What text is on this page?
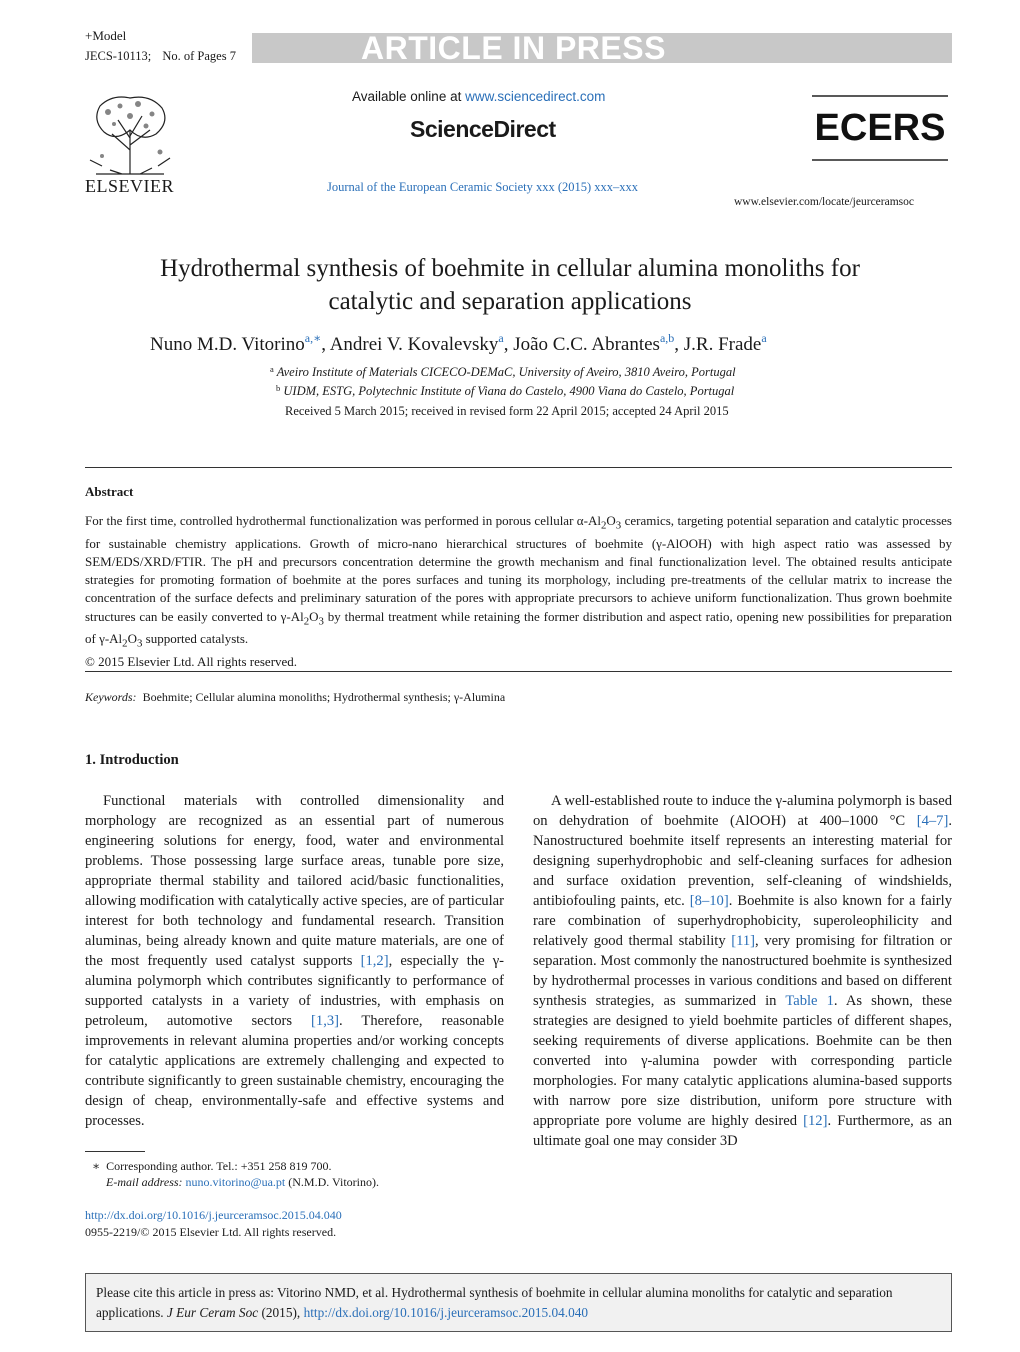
+Model
JECS-10113; No. of Pages 7	ARTICLE IN PRESS
ELSEVIER
Available online at www.sciencedirect.com
ScienceDirect
Journal of the European Ceramic Society xxx (2015) xxx–xxx
ECERS
www.elsevier.com/locate/jeurceramsoc
Hydrothermal synthesis of boehmite in cellular alumina monoliths for
catalytic and separation applications
Nuno M.D. Vitorino$^{a,∗}$, Andrei V. Kovalevsky$^a$, João C.C. Abrantes$^{a,b}$, J.R. Frade$^a$
$^a$ Aveiro Institute of Materials CICECO-DEMaC, University of Aveiro, 3810 Aveiro, Portugal
$^b$ UIDM, ESTG, Polytechnic Institute of Viana do Castelo, 4900 Viana do Castelo, Portugal
Received 5 March 2015; received in revised form 22 April 2015; accepted 24 April 2015
Abstract
For the first time, controlled hydrothermal functionalization was performed in porous cellular $\alpha-Al_2O_3$ ceramics, targeting potential separation and catalytic processes for sustainable chemistry applications. Growth of micro-nano hierarchical structures of boehmite (γ-AlOOH) with high aspect ratio was assessed by SEM/EDS/XRD/FTIR. The pH and precursors concentration determine the growth mechanism and final functionalization level. The obtained results anticipate strategies for promoting formation of boehmite at the pores surfaces and tuning its morphology, including pre-treatments of the cellular matrix to increase the concentration of the surface defects and preliminary saturation of the pores with appropriate precursors to achieve uniform functionalization. Thus grown boehmite structures can be easily converted to $\gamma-Al_2O_3$ by thermal treatment while retaining the former distribution and aspect ratio, opening new possibilities for preparation of $\gamma-Al_2O_3$ supported catalysts.
© 2015 Elsevier Ltd. All rights reserved.
Keywords: Boehmite; Cellular alumina monoliths; Hydrothermal synthesis; γ-Alumina
1. Introduction

Functional materials with controlled dimensionality and morphology are recognized as an essential part of numerous engineering solutions for energy, food, water and environmental problems. Those possessing large surface areas, tunable pore size, appropriate thermal stability and tailored acid/basic functionalities, allowing modification with catalytically active species, are of particular interest for both technology and fundamental research. Transition aluminas, being already known and quite mature materials, are one of the most frequently used catalyst supports [1,2], especially the γ-alumina polymorph which contributes significantly to performance of supported catalysts in a variety of industries, with emphasis on petroleum, automotive sectors [1,3]. Therefore, reasonable improvements in relevant alumina properties and/or working concepts for catalytic applications are extremely challenging and expected to contribute significantly to green sustainable chemistry, encouraging the design of cheap, environmentally-safe and effective systems and processes.

A well-established route to induce the γ-alumina polymorph is based on dehydration of boehmite (AlOOH) at 400–1000 °C [4–7]. Nanostructured boehmite itself represents an interesting material for designing superhydrophobic and self-cleaning surfaces for adhesion and surface oxidation prevention, self-cleaning of windshields, antibiofouling paints, etc. [8–10]. Boehmite is also known for a fairly rare combination of superhydrophobicity, superoleophilicity and relatively good thermal stability [11], very promising for filtration or separation. Most commonly the nanostructured boehmite is synthesized by hydrothermal processes in various conditions and based on different synthesis strategies, as summarized in Table 1. As shown, these strategies are designed to yield boehmite particles of different shapes, seeking requirements of diverse applications. Boehmite can be then converted into γ-alumina powder with corresponding particle morphologies. For many catalytic applications alumina-based supports with narrow pore size distribution, uniform pore structure with appropriate pore volume are highly desired [12]. Furthermore, as an ultimate goal one may consider 3D

∗ Corresponding author. Tel.: +351 258 819 700.
E-mail address: nuno.vitorino@ua.pt (N.M.D. Vitorino).
http://dx.doi.org/10.1016/j.jeurceramsoc.2015.04.040
0955-2219/© 2015 Elsevier Ltd. All rights reserved.
Please cite this article in press as: Vitorino NMD, et al. Hydrothermal synthesis of boehmite in cellular alumina monoliths for catalytic and separation applications. J Eur Ceram Soc (2015), http://dx.doi.org/10.1016/j.jeurceramsoc.2015.04.040
